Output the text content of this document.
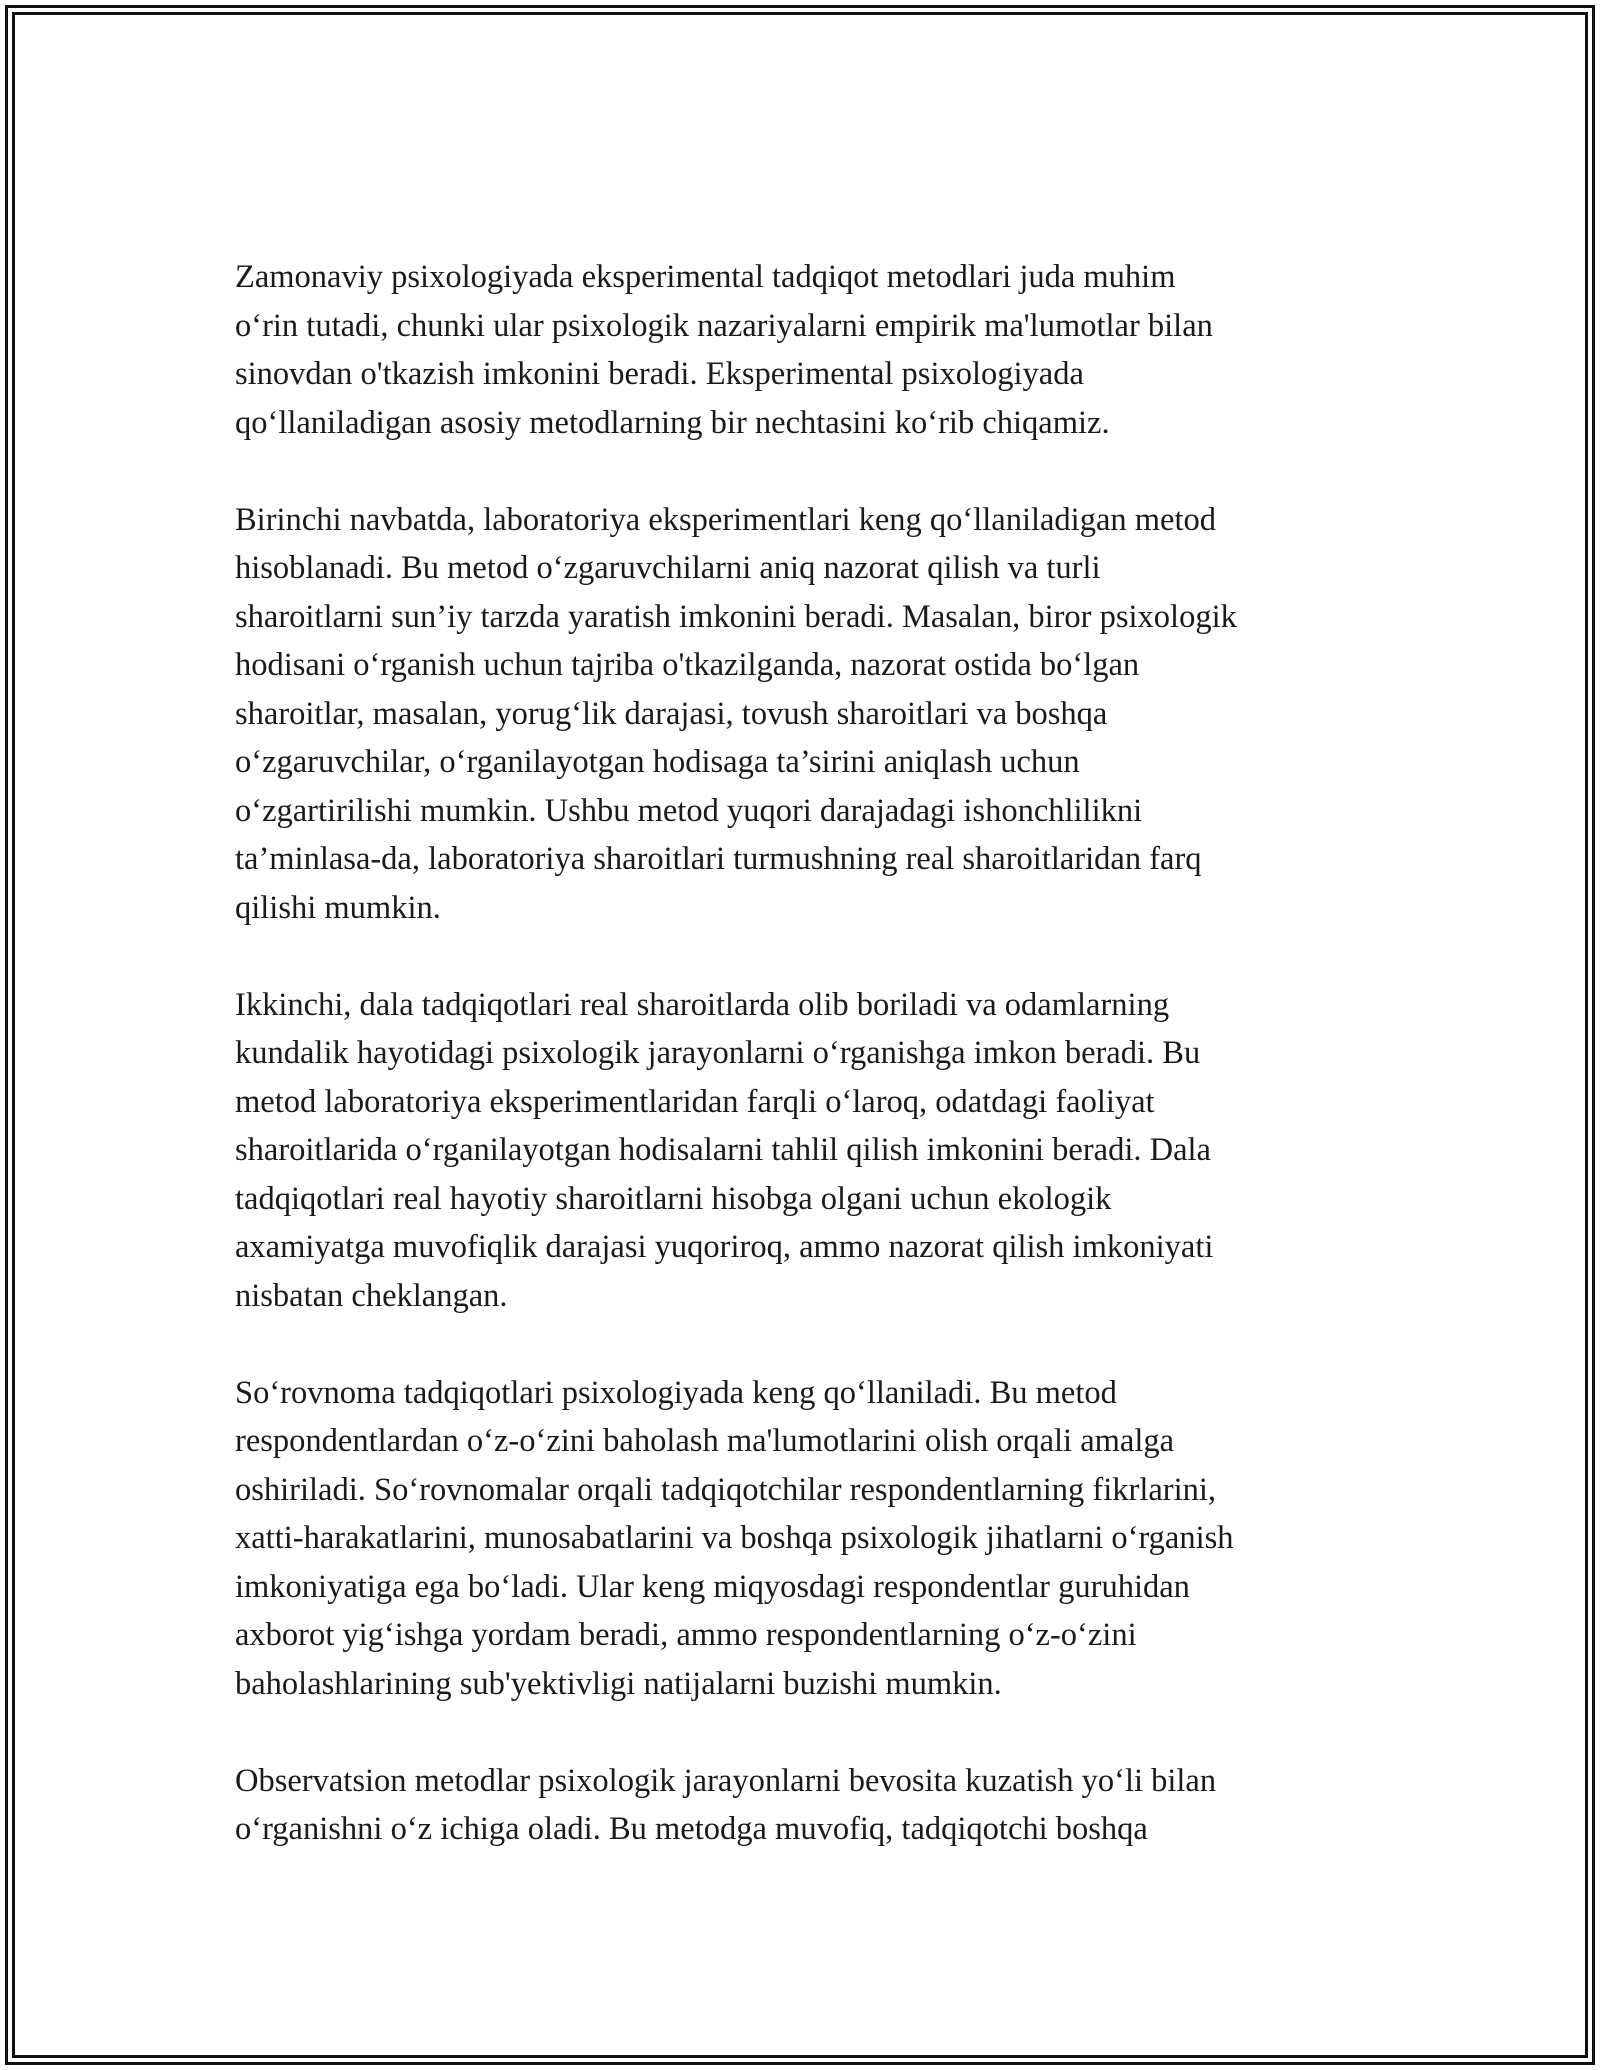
Zamonaviy psixologiyada eksperimental tadqiqot metodlari juda muhim
o‘rin tutadi, chunki ular psixologik nazariyalarni empirik ma'lumotlar bilan
sinovdan o'tkazish imkonini beradi. Eksperimental psixologiyada
qo‘llaniladigan asosiy metodlarning bir nechtasini ko‘rib chiqamiz.

Birinchi navbatda, laboratoriya eksperimentlari keng qo‘llaniladigan metod
hisoblanadi. Bu metod o‘zgaruvchilarni aniq nazorat qilish va turli
sharoitlarni sun’iy tarzda yaratish imkonini beradi. Masalan, biror psixologik
hodisani o‘rganish uchun tajriba o'tkazilganda, nazorat ostida bo‘lgan
sharoitlar, masalan, yorug‘lik darajasi, tovush sharoitlari va boshqa
o‘zgaruvchilar, o‘rganilayotgan hodisaga ta’sirini aniqlash uchun
o‘zgartirilishi mumkin. Ushbu metod yuqori darajadagi ishonchlilikni
ta’minlasa-da, laboratoriya sharoitlari turmushning real sharoitlaridan farq
qilishi mumkin.

Ikkinchi, dala tadqiqotlari real sharoitlarda olib boriladi va odamlarning
kundalik hayotidagi psixologik jarayonlarni o‘rganishga imkon beradi. Bu
metod laboratoriya eksperimentlaridan farqli o‘laroq, odatdagi faoliyat
sharoitlarida o‘rganilayotgan hodisalarni tahlil qilish imkonini beradi. Dala
tadqiqotlari real hayotiy sharoitlarni hisobga olgani uchun ekologik
axamiyatga muvofiqlik darajasi yuqoriroq, ammo nazorat qilish imkoniyati
nisbatan cheklangan.

So‘rovnoma tadqiqotlari psixologiyada keng qo‘llaniladi. Bu metod
respondentlardan o‘z-o‘zini baholash ma'lumotlarini olish orqali amalga
oshiriladi. So‘rovnomalar orqali tadqiqotchilar respondentlarning fikrlarini,
xatti-harakatlarini, munosabatlarini va boshqa psixologik jihatlarni o‘rganish
imkoniyatiga ega bo‘ladi. Ular keng miqyosdagi respondentlar guruhidan
axborot yig‘ishga yordam beradi, ammo respondentlarning o‘z-o‘zini
baholashlarining sub'yektivligi natijalarni buzishi mumkin.

Observatsion metodlar psixologik jarayonlarni bevosita kuzatish yo‘li bilan
o‘rganishni o‘z ichiga oladi. Bu metodga muvofiq, tadqiqotchi boshqa
